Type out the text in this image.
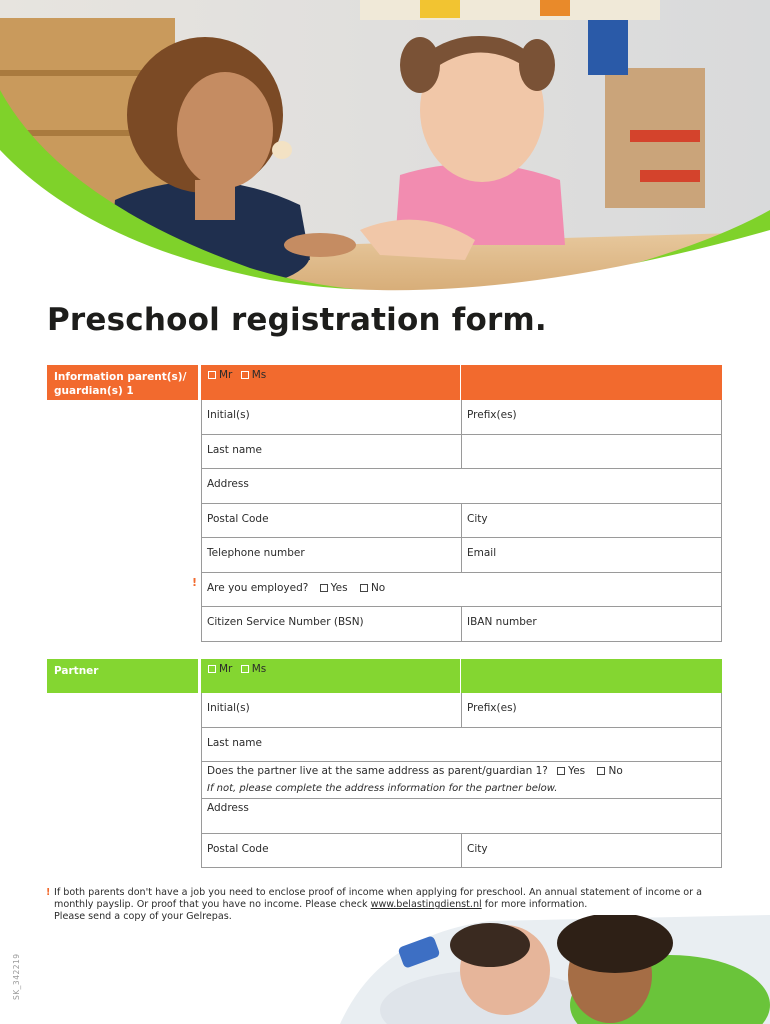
Preschool registration form.
Information parent(s)/ guardian(s) 1
!
Mr Ms
Initial(s)	Prefix(es)
Last name
Address
Postal Code	City
Telephone number	Email
Are you employed? Yes No
Citizen Service Number (BSN)	IBAN number
Partner	Mr Ms
Initial(s)	Prefix(es)
Last name
Does the partner live at the same address as parent/guardian 1? Yes No
If not, please complete the address information for the partner below.
Address
Postal Code	City
! If both parents don't have a job you need to enclose proof of income when applying for preschool. An annual statement of income or a monthly payslip. Or proof that you have no income. Please check www.belastingdienst.nl for more information.
Please send a copy of your Gelrepas.
SK_342219
